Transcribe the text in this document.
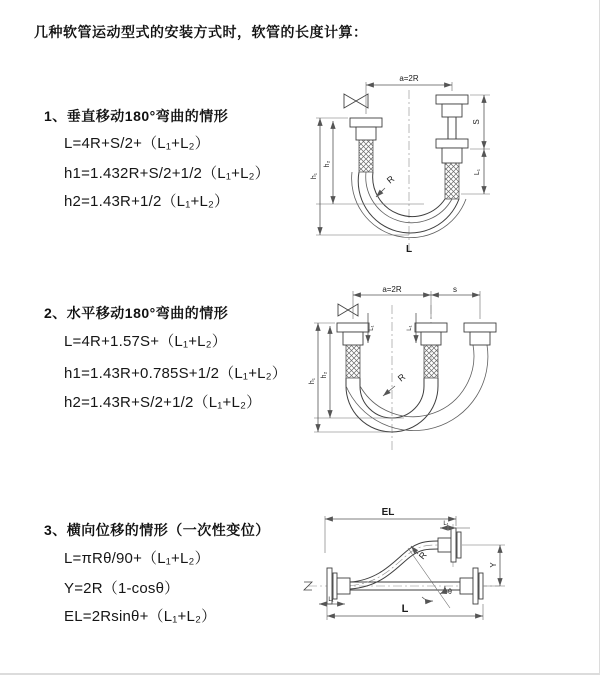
几种软管运动型式的安装方式时，软管的长度计算：
1、垂直移动180°弯曲的情形
L=4R+S/2+（L₁+L₂）
h1=1.432R+S/2+1/2（L₁+L₂）
h2=1.43R+1/2（L₁+L₂）
2、水平移动180°弯曲的情形
L=4R+1.57S+（L₁+L₂）
h1=1.43R+0.785S+1/2（L₁+L₂）
h2=1.43R+S/2+1/2（L₁+L₂）
3、横向位移的情形（一次性变位）
L=πRθ/90+（L₁+L₂）
Y=2R（1-cosθ）
EL=2Rsinθ+（L₁+L₂）
a=2R
S
L₁
h₁
h₂
R
L
a=2R	s
L₁	L₁
h₁
h₂	R
EL
L₁
Y
L
L₁
R
θ
